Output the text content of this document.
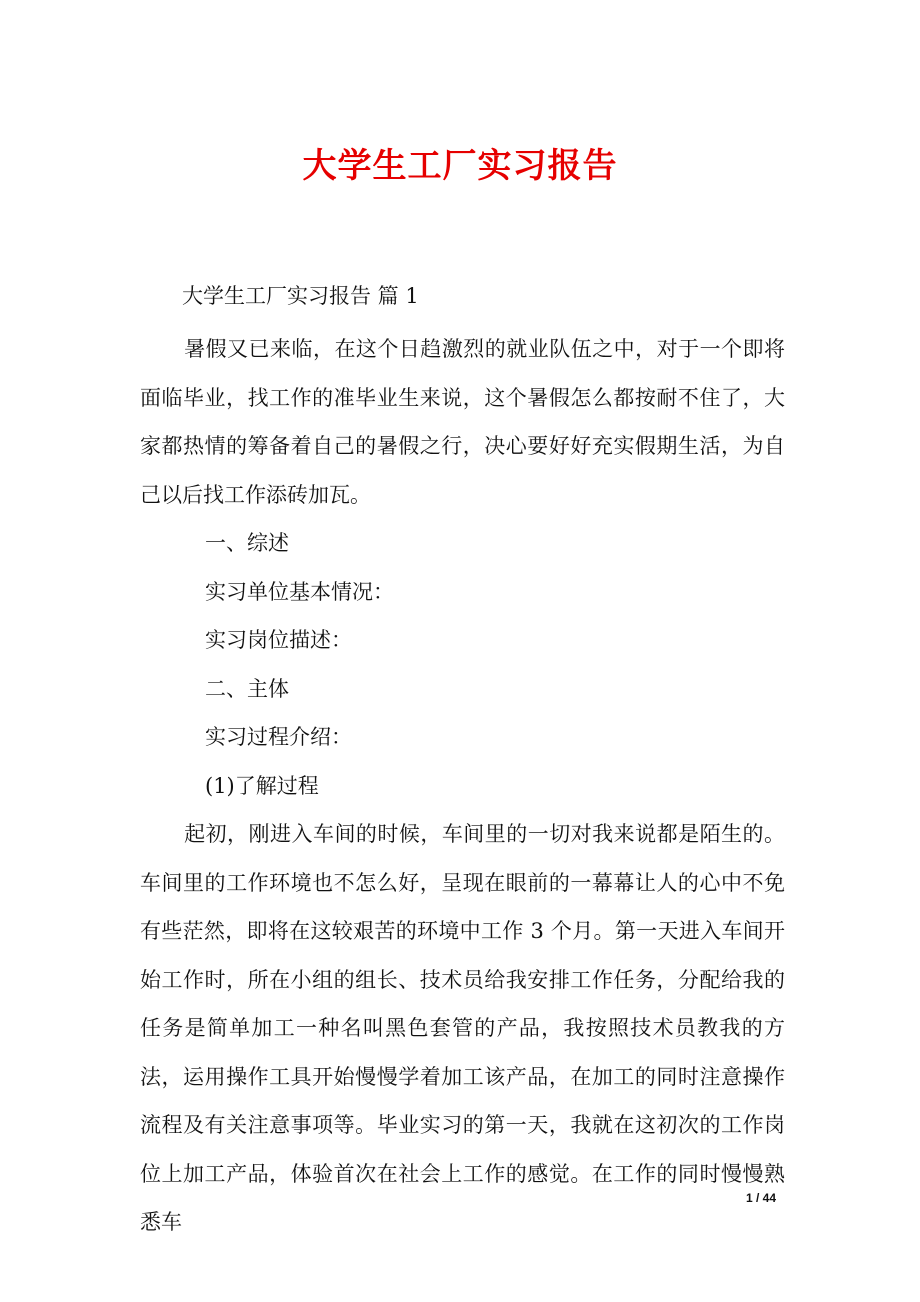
大学生工厂实习报告
大学生工厂实习报告 篇 1

暑假又已来临，在这个日趋激烈的就业队伍之中，对于一个即将面临毕业，找工作的准毕业生来说，这个暑假怎么都按耐不住了，大家都热情的筹备着自己的暑假之行，决心要好好充实假期生活，为自己以后找工作添砖加瓦。

一、综述

实习单位基本情况：

实习岗位描述：

二、主体

实习过程介绍：

(1)了解过程

起初，刚进入车间的时候，车间里的一切对我来说都是陌生的。车间里的工作环境也不怎么好，呈现在眼前的一幕幕让人的心中不免有些茫然，即将在这较艰苦的环境中工作 3 个月。第一天进入车间开始工作时，所在小组的组长、技术员给我安排工作任务，分配给我的任务是简单加工一种名叫黑色套管的产品，我按照技术员教我的方法，运用操作工具开始慢慢学着加工该产品，在加工的同时注意操作流程及有关注意事项等。毕业实习的第一天，我就在这初次的工作岗位上加工产品，体验首次在社会上工作的感觉。在工作的同时慢慢熟悉车

1 / 44
